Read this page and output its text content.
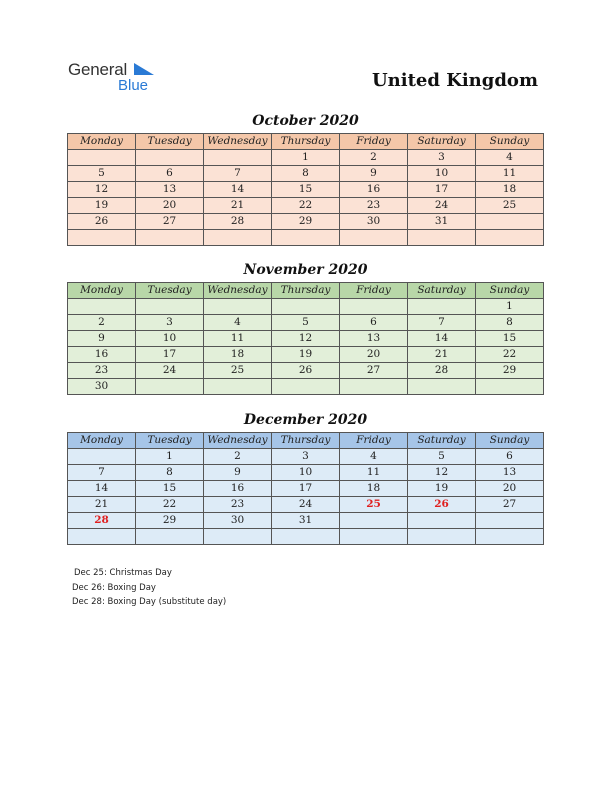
General
Blue	United Kingdom
October 2020
Monday	Tuesday	Wednesday	Thursday	Friday	Saturday	Sunday
			1	2	3	4
5	6	7	8	9	10	11
12	13	14	15	16	17	18
19	20	21	22	23	24	25
26	27	28	29	30	31	

November 2020
Monday	Tuesday	Wednesday	Thursday	Friday	Saturday	Sunday
						1
2	3	4	5	6	7	8
9	10	11	12	13	14	15
16	17	18	19	20	21	22
23	24	25	26	27	28	29
30						
December 2020
Monday	Tuesday	Wednesday	Thursday	Friday	Saturday	Sunday
	1	2	3	4	5	6
7	8	9	10	11	12	13
14	15	16	17	18	19	20
21	22	23	24	25	26	27
28	29	30	31			

Dec 25: Christmas Day
Dec 26: Boxing Day
Dec 28: Boxing Day (substitute day)
